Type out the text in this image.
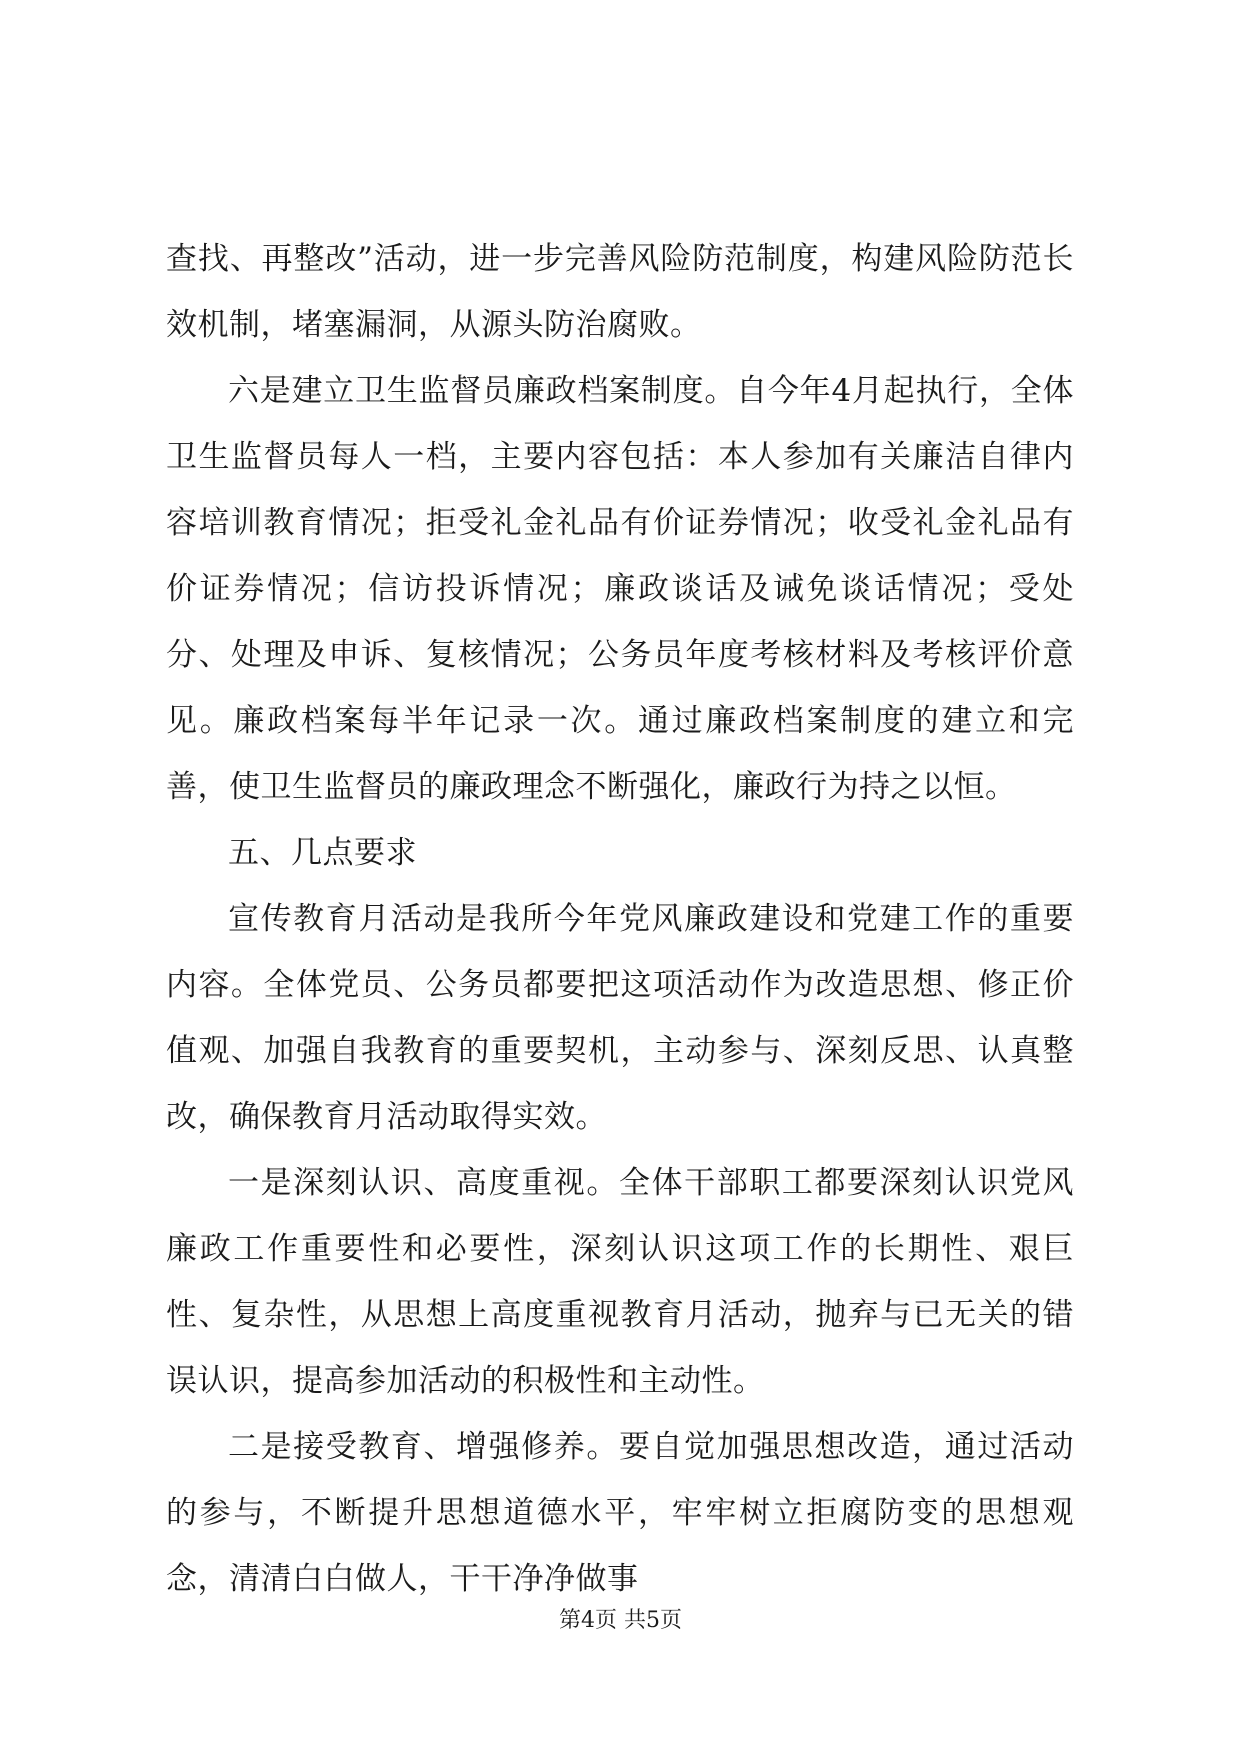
查找、再整改”活动，进一步完善风险防范制度，构建风险防范长效机制，堵塞漏洞，从源头防治腐败。

六是建立卫生监督员廉政档案制度。自今年4月起执行，全体卫生监督员每人一档，主要内容包括：本人参加有关廉洁自律内容培训教育情况；拒受礼金礼品有价证券情况；收受礼金礼品有价证券情况；信访投诉情况；廉政谈话及诫免谈话情况；受处分、处理及申诉、复核情况；公务员年度考核材料及考核评价意见。廉政档案每半年记录一次。通过廉政档案制度的建立和完善，使卫生监督员的廉政理念不断强化，廉政行为持之以恒。

五、几点要求

宣传教育月活动是我所今年党风廉政建设和党建工作的重要内容。全体党员、公务员都要把这项活动作为改造思想、修正价值观、加强自我教育的重要契机，主动参与、深刻反思、认真整改，确保教育月活动取得实效。

一是深刻认识、高度重视。全体干部职工都要深刻认识党风廉政工作重要性和必要性，深刻认识这项工作的长期性、艰巨性、复杂性，从思想上高度重视教育月活动，抛弃与已无关的错误认识，提高参加活动的积极性和主动性。

二是接受教育、增强修养。要自觉加强思想改造，通过活动的参与，不断提升思想道德水平，牢牢树立拒腐防变的思想观念，清清白白做人，干干净净做事

第4页 共5页
